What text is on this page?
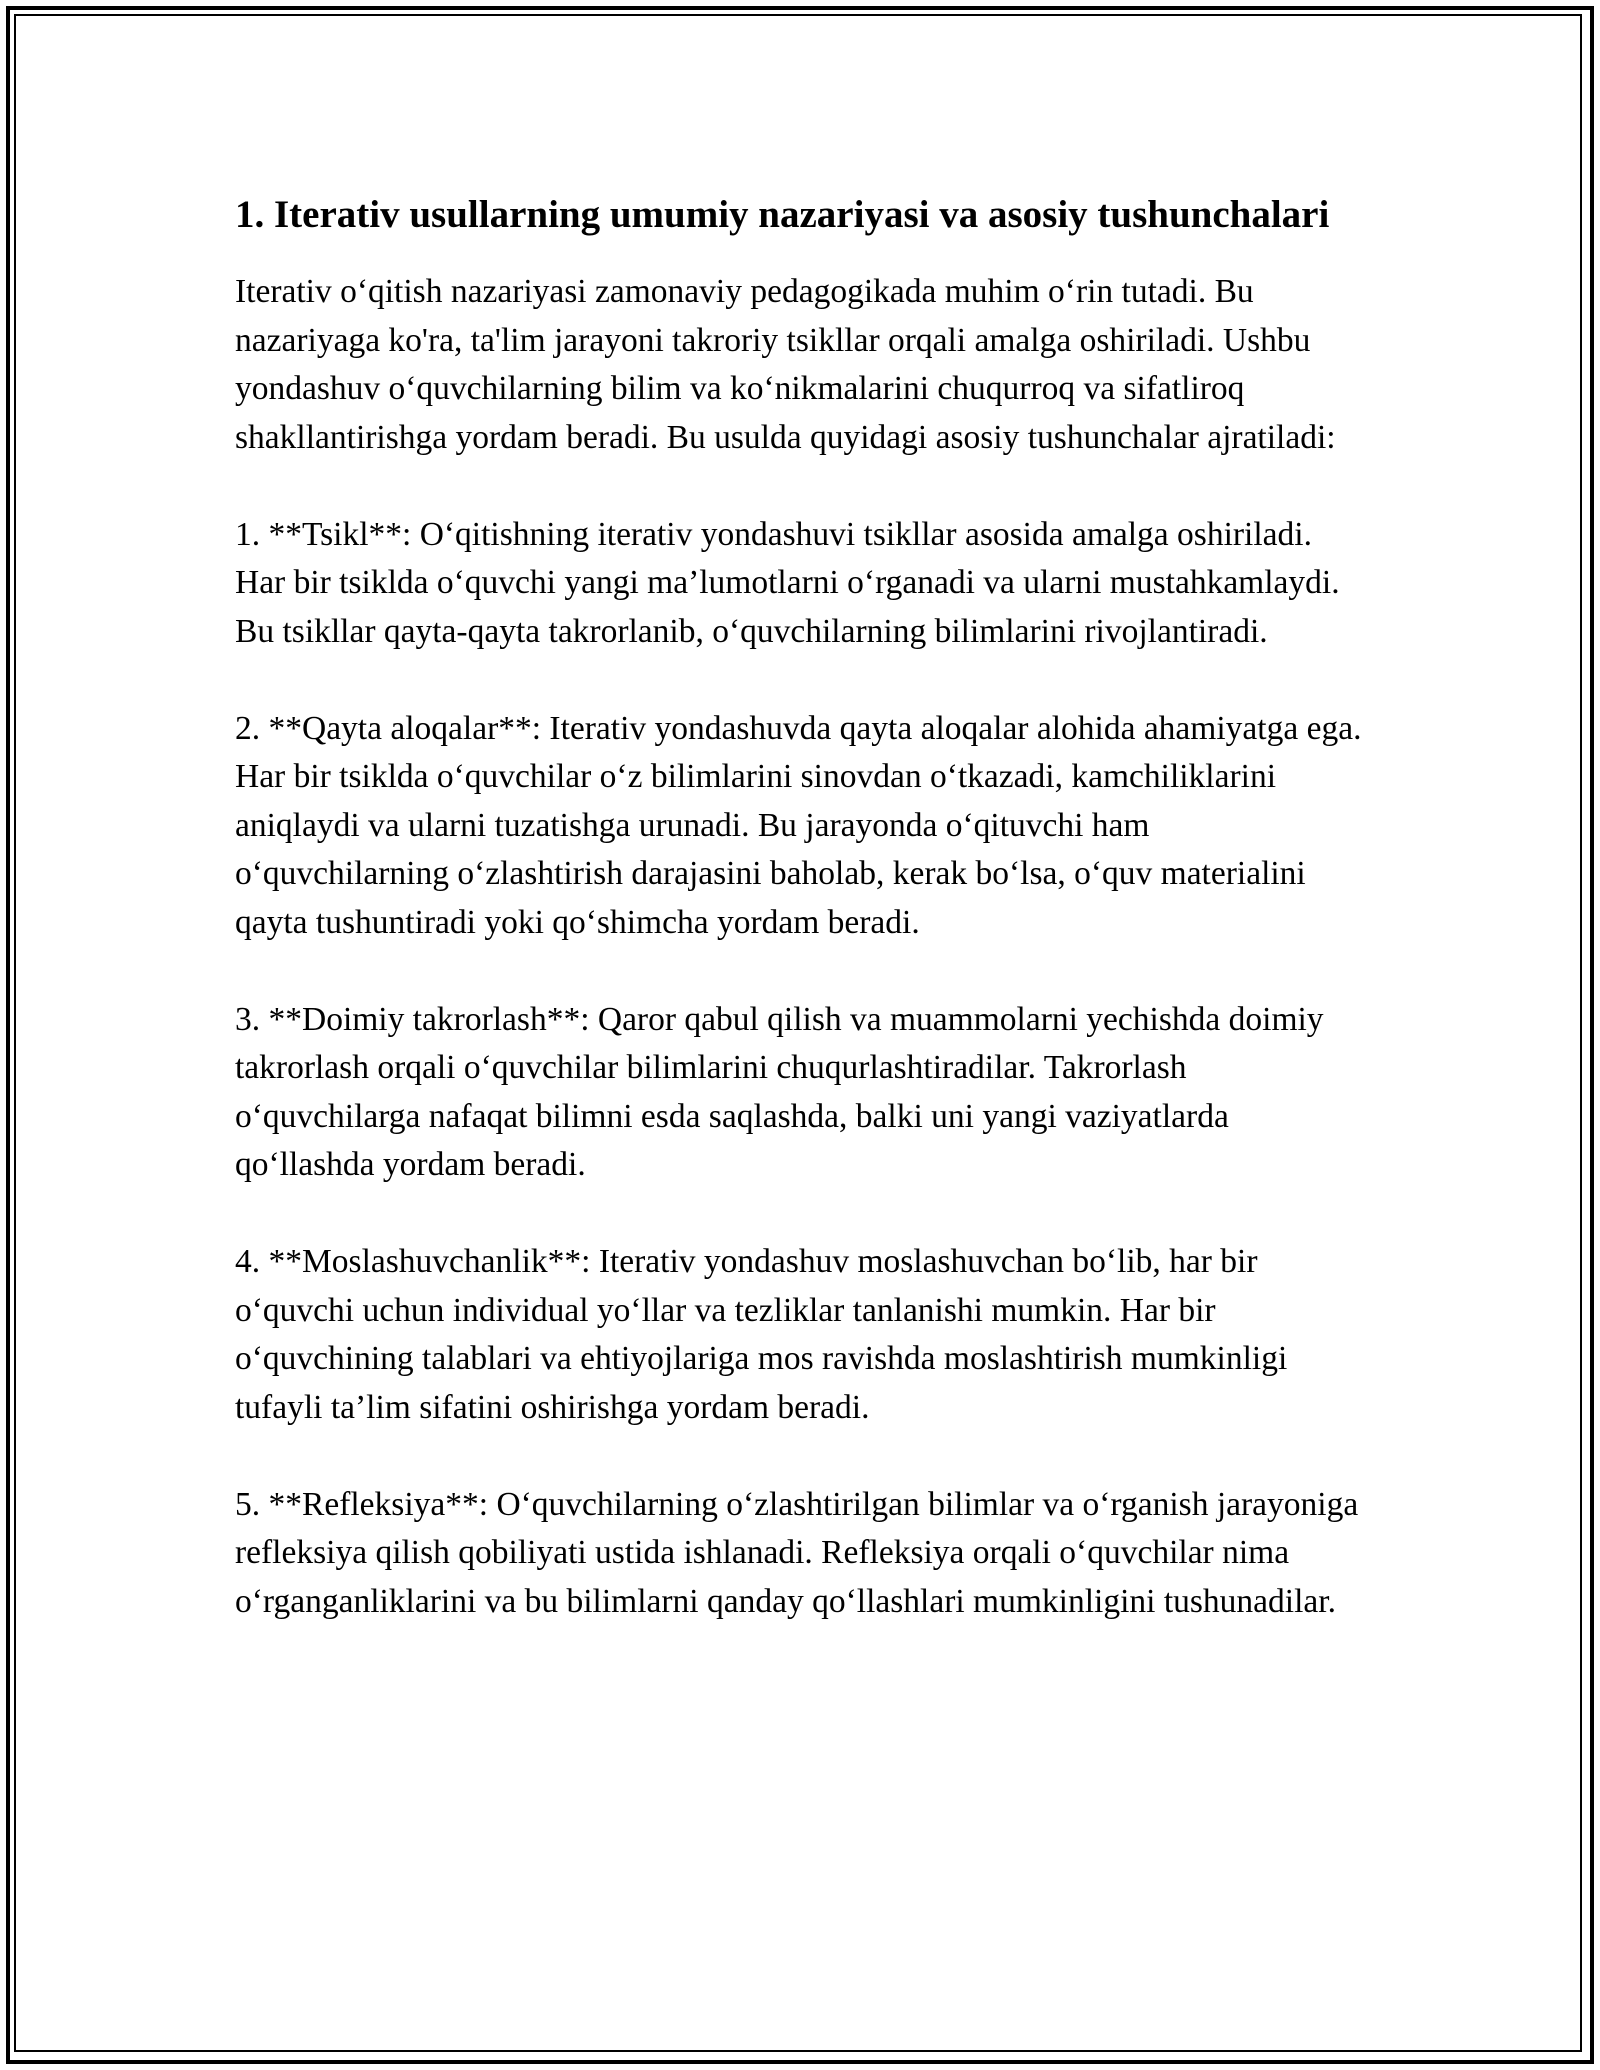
1. Iterativ usullarning umumiy nazariyasi va asosiy tushunchalari

Iterativ o‘qitish nazariyasi zamonaviy pedagogikada muhim o‘rin tutadi. Bu nazariyaga ko'ra, ta'lim jarayoni takroriy tsikllar orqali amalga oshiriladi. Ushbu yondashuv o‘quvchilarning bilim va ko‘nikmalarini chuqurroq va sifatliroq shakllantirishga yordam beradi. Bu usulda quyidagi asosiy tushunchalar ajratiladi:

1. **Tsikl**: O‘qitishning iterativ yondashuvi tsikllar asosida amalga oshiriladi. Har bir tsiklda o‘quvchi yangi ma’lumotlarni o‘rganadi va ularni mustahkamlaydi. Bu tsikllar qayta-qayta takrorlanib, o‘quvchilarning bilimlarini rivojlantiradi.

2. **Qayta aloqalar**: Iterativ yondashuvda qayta aloqalar alohida ahamiyatga ega. Har bir tsiklda o‘quvchilar o‘z bilimlarini sinovdan o‘tkazadi, kamchiliklarini aniqlaydi va ularni tuzatishga urunadi. Bu jarayonda o‘qituvchi ham o‘quvchilarning o‘zlashtirish darajasini baholab, kerak bo‘lsa, o‘quv materialini qayta tushuntiradi yoki qo‘shimcha yordam beradi.

3. **Doimiy takrorlash**: Qaror qabul qilish va muammolarni yechishda doimiy takrorlash orqali o‘quvchilar bilimlarini chuqurlashtiradilar. Takrorlash o‘quvchilarga nafaqat bilimni esda saqlashda, balki uni yangi vaziyatlarda qo‘llashda yordam beradi.

4. **Moslashuvchanlik**: Iterativ yondashuv moslashuvchan bo‘lib, har bir o‘quvchi uchun individual yo‘llar va tezliklar tanlanishi mumkin. Har bir o‘quvchining talablari va ehtiyojlariga mos ravishda moslashtirish mumkinligi tufayli ta’lim sifatini oshirishga yordam beradi.

5. **Refleksiya**: O‘quvchilarning o‘zlashtirilgan bilimlar va o‘rganish jarayoniga refleksiya qilish qobiliyati ustida ishlanadi. Refleksiya orqali o‘quvchilar nima o‘rganganliklarini va bu bilimlarni qanday qo‘llashlari mumkinligini tushunadilar.
